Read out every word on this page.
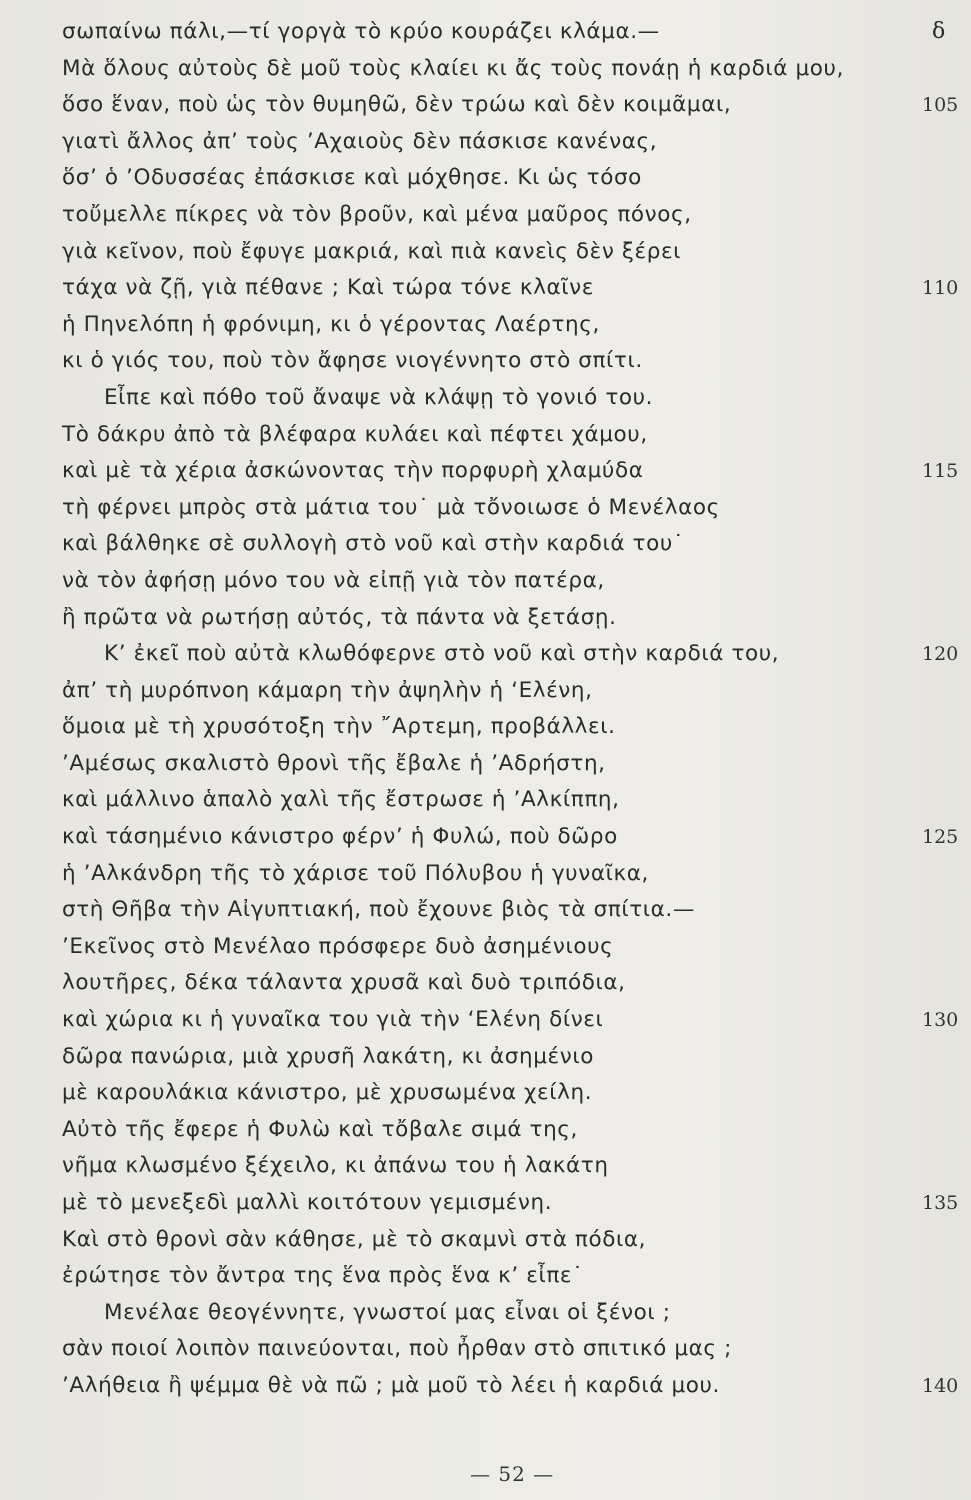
σωπαίνω πάλι,—τί γοργὰ τὸ κρύο κουράζει κλάμα.—	δ
Μὰ ὅλους αὐτοὺς δὲ μοῦ τοὺς κλαίει κι ἄς τοὺς πονάῃ ἡ καρδιά μου,
ὅσο ἕναν, ποὺ ὡς τὸν θυμηθῶ, δὲν τρώω καὶ δὲν κοιμᾶμαι,	105
γιατὶ ἄλλος ἀπ’ τοὺς ’Αχαιοὺς δὲν πάσκισε κανένας,
ὅσ’ ὁ ’Οδυσσέας ἐπάσκισε καὶ μόχθησε. Κι ὡς τόσο
τοὔμελλε πίκρες νὰ τὸν βροῦν, καὶ μένα μαῦρος πόνος,
γιὰ κεῖνον, ποὺ ἔφυγε μακριά, καὶ πιὰ κανεὶς δὲν ξέρει
τάχα νὰ ζῇ, γιὰ πέθανε ; Καὶ τώρα τόνε κλαῖνε	110
ἡ Πηνελόπη ἡ φρόνιμη, κι ὁ γέροντας Λαέρτης,
κι ὁ γιός του, ποὺ τὸν ἄφησε νιογέννητο στὸ σπίτι.
Εἶπε καὶ πόθο τοῦ ἄναψε νὰ κλάψῃ τὸ γονιό του.
Τὸ δάκρυ ἀπὸ τὰ βλέφαρα κυλάει καὶ πέφτει χάμου,
καὶ μὲ τὰ χέρια ἀσκώνοντας τὴν πορφυρὴ χλαμύδα	115
τὴ φέρνει μπρὸς στὰ μάτια του˙ μὰ τὄνοιωσε ὁ Μενέλαος
καὶ βάλθηκε σὲ συλλογὴ στὸ νοῦ καὶ στὴν καρδιά του˙
νὰ τὸν ἀφήσῃ μόνο του νὰ εἰπῇ γιὰ τὸν πατέρα,
ἢ πρῶτα νὰ ρωτήσῃ αὐτός, τὰ πάντα νὰ ξετάσῃ.
Κ’ ἐκεῖ ποὺ αὐτὰ κλωθόφερνε στὸ νοῦ καὶ στὴν καρδιά του,	120
ἀπ’ τὴ μυρόπνοη κάμαρη τὴν ἀψηλὴν ἡ ‘Ελένη,
ὅμοια μὲ τὴ χρυσότοξη τὴν ῎Αρτεμη, προβάλλει.
’Αμέσως σκαλιστὸ θρονὶ τῆς ἔβαλε ἡ ’Αδρήστη,
καὶ μάλλινο ἁπαλὸ χαλὶ τῆς ἔστρωσε ἡ ’Αλκίππη,
καὶ τάσημένιο κάνιστρο φέρν’ ἡ Φυλώ, ποὺ δῶρο	125
ἡ ’Αλκάνδρη τῆς τὸ χάρισε τοῦ Πόλυβου ἡ γυναῖκα,
στὴ Θῆβα τὴν Αἰγυπτιακή, ποὺ ἔχουνε βιὸς τὰ σπίτια.—
’Εκεῖνος στὸ Μενέλαο πρόσφερε δυὸ ἀσημένιους
λουτῆρες, δέκα τάλαντα χρυσᾶ καὶ δυὸ τριπόδια,
καὶ χώρια κι ἡ γυναῖκα του γιὰ τὴν ‘Ελένη δίνει	130
δῶρα πανώρια, μιὰ χρυσῆ λακάτη, κι ἀσημένιο
μὲ καρουλάκια κάνιστρο, μὲ χρυσωμένα χείλη.
Αὐτὸ τῆς ἔφερε ἡ Φυλὼ καὶ τὄβαλε σιμά της,
νῆμα κλωσμένο ξέχειλο, κι ἀπάνω του ἡ λακάτη
μὲ τὸ μενεξεδὶ μαλλὶ κοιτότουν γεμισμένη.	135
Καὶ στὸ θρονὶ σὰν κάθησε, μὲ τὸ σκαμνὶ στὰ πόδια,
ἐρώτησε τὸν ἄντρα της ἕνα πρὸς ἕνα κ’ εἶπε˙
Μενέλαε θεογέννητε, γνωστοί μας εἶναι οἱ ξένοι ;
σὰν ποιοί λοιπὸν παινεύονται, ποὺ ἦρθαν στὸ σπιτικό μας ;
’Αλήθεια ἢ ψέμμα θὲ νὰ πῶ ; μὰ μοῦ τὸ λέει ἡ καρδιά μου.	140
— 52 —
